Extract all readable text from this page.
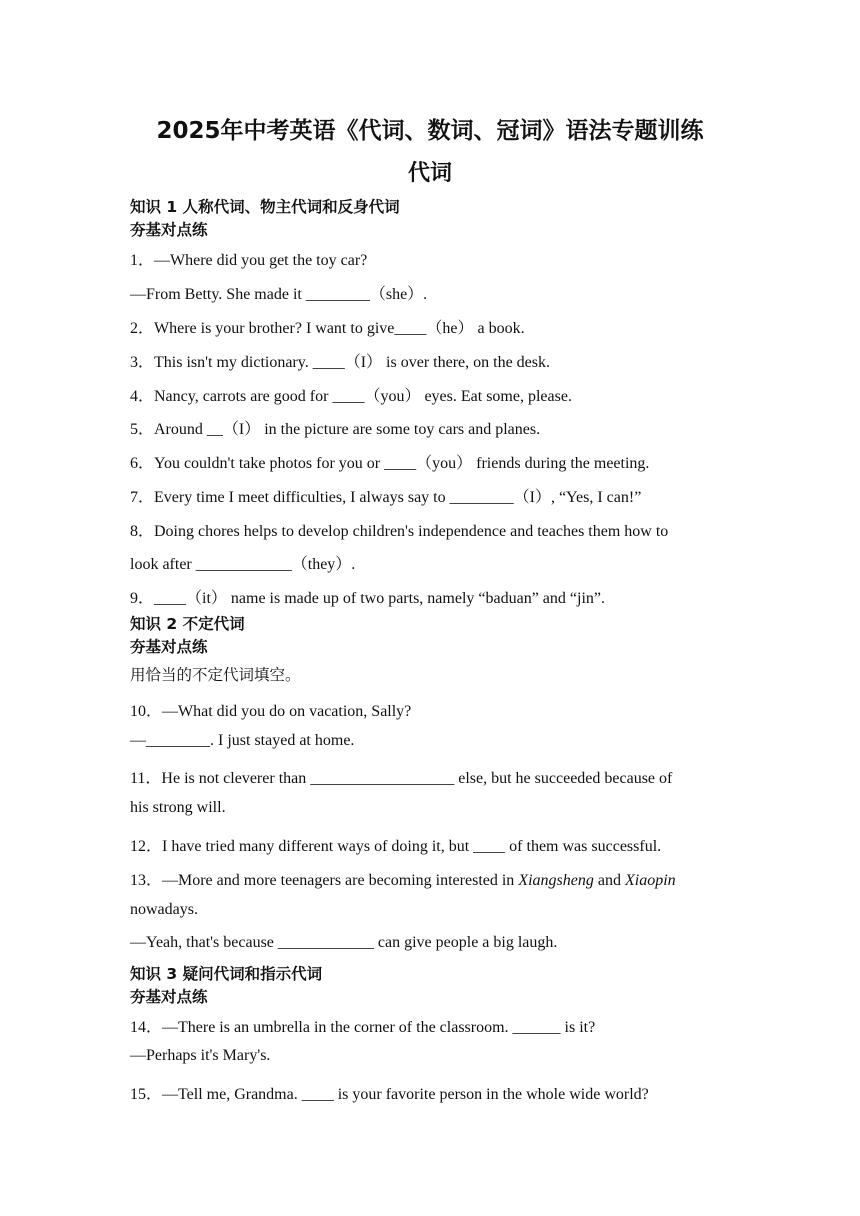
2025年中考英语《代词、数词、冠词》语法专题训练
代词
知识 1 人称代词、物主代词和反身代词
夯基对点练
1．—Where did you get the toy car?
—From Betty. She made it ________（she）.
2．Where is your brother? I want to give____（he） a book.
3．This isn't my dictionary. ____（I） is over there, on the desk.
4．Nancy, carrots are good for ____（you） eyes. Eat some, please.
5．Around __（I） in the picture are some toy cars and planes.
6．You couldn't take photos for you or ____（you） friends during the meeting.
7．Every time I meet difficulties, I always say to ________（I）, “Yes, I can!”
8．Doing chores helps to develop children's independence and teaches them how to
look after ____________（they）.
9．____（it） name is made up of two parts, namely “baduan” and “jin”.
知识 2 不定代词
夯基对点练
用恰当的不定代词填空。
10．—What did you do on vacation, Sally?
—________. I just stayed at home.
11．He is not cleverer than __________________ else, but he succeeded because of
his strong will.
12．I have tried many different ways of doing it, but ____ of them was successful.
13．—More and more teenagers are becoming interested in Xiangsheng and Xiaopin
nowadays.
—Yeah, that's because ____________ can give people a big laugh.
知识 3 疑问代词和指示代词
夯基对点练
14．—There is an umbrella in the corner of the classroom. ______ is it?
—Perhaps it's Mary's.
15．—Tell me, Grandma. ____ is your favorite person in the whole wide world?
